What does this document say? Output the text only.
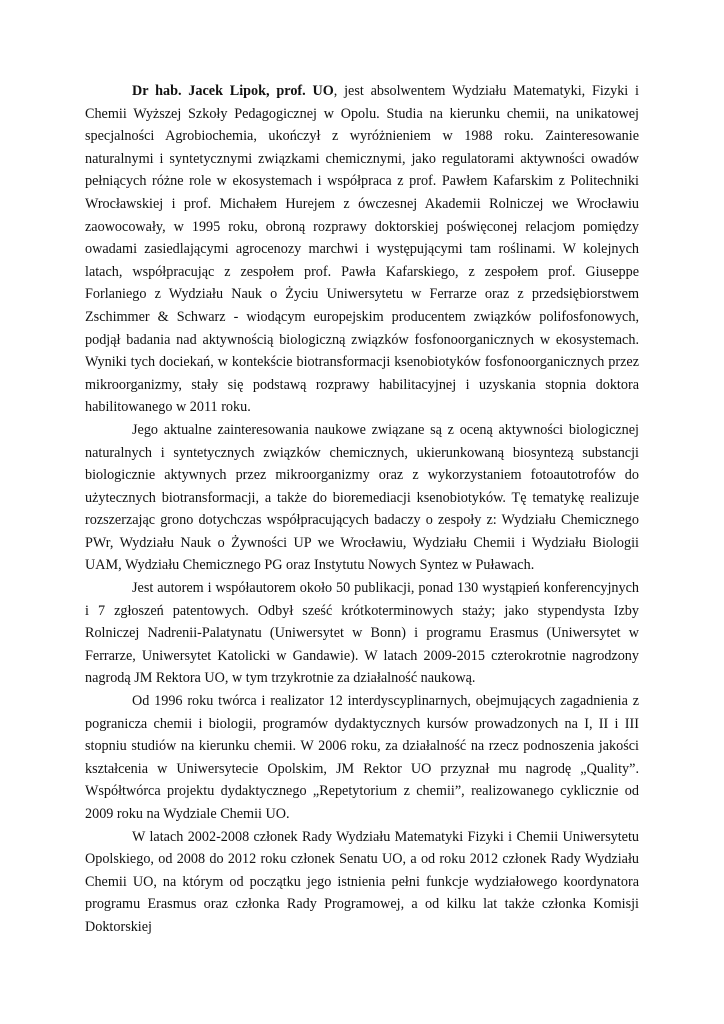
Dr hab. Jacek Lipok, prof. UO, jest absolwentem Wydziału Matematyki, Fizyki i Chemii Wyższej Szkoły Pedagogicznej w Opolu. Studia na kierunku chemii, na unikatowej specjalności Agrobiochemia, ukończył z wyróżnieniem w 1988 roku. Zainteresowanie naturalnymi i syntetycznymi związkami chemicznymi, jako regulatorami aktywności owadów pełniących różne role w ekosystemach i współpraca z prof. Pawłem Kafarskim z Politechniki Wrocławskiej i prof. Michałem Hurejem z ówczesnej Akademii Rolniczej we Wrocławiu zaowocowały, w 1995 roku, obroną rozprawy doktorskiej poświęconej relacjom pomiędzy owadami zasiedlającymi agrocenozy marchwi i występującymi tam roślinami. W kolejnych latach, współpracując z zespołem prof. Pawła Kafarskiego, z zespołem prof. Giuseppe Forlaniego z Wydziału Nauk o Życiu Uniwersytetu w Ferrarze oraz z przedsiębiorstwem Zschimmer & Schwarz - wiodącym europejskim producentem związków polifosfonowych, podjął badania nad aktywnością biologiczną związków fosfonoorganicznych w ekosystemach. Wyniki tych dociekań, w kontekście biotransformacji ksenobiotyków fosfonoorganicznych przez mikroorganizmy, stały się podstawą rozprawy habilitacyjnej i uzyskania stopnia doktora habilitowanego w 2011 roku.

Jego aktualne zainteresowania naukowe związane są z oceną aktywności biologicznej naturalnych i syntetycznych związków chemicznych, ukierunkowaną biosyntezą substancji biologicznie aktywnych przez mikroorganizmy oraz z wykorzystaniem fotoautotrofów do użytecznych biotransformacji, a także do bioremediacji ksenobiotyków. Tę tematykę realizuje rozszerzając grono dotychczas współpracujących badaczy o zespoły z: Wydziału Chemicznego PWr, Wydziału Nauk o Żywności UP we Wrocławiu, Wydziału Chemii i Wydziału Biologii UAM, Wydziału Chemicznego PG oraz Instytutu Nowych Syntez w Puławach.

Jest autorem i współautorem około 50 publikacji, ponad 130 wystąpień konferencyjnych i 7 zgłoszeń patentowych. Odbył sześć krótkoterminowych staży; jako stypendysta Izby Rolniczej Nadrenii-Palatynatu (Uniwersytet w Bonn) i programu Erasmus (Uniwersytet w Ferrarze, Uniwersytet Katolicki w Gandawie). W latach 2009-2015 czterokrotnie nagrodzony nagrodą JM Rektora UO, w tym trzykrotnie za działalność naukową.

Od 1996 roku twórca i realizator 12 interdyscyplinarnych, obejmujących zagadnienia z pogranicza chemii i biologii, programów dydaktycznych kursów prowadzonych na I, II i III stopniu studiów na kierunku chemii. W 2006 roku, za działalność na rzecz podnoszenia jakości kształcenia w Uniwersytecie Opolskim, JM Rektor UO przyznał mu nagrodę „Quality”. Współtwórca projektu dydaktycznego „Repetytorium z chemii”, realizowanego cyklicznie od 2009 roku na Wydziale Chemii UO.

W latach 2002-2008 członek Rady Wydziału Matematyki Fizyki i Chemii Uniwersytetu Opolskiego, od 2008 do 2012 roku członek Senatu UO, a od roku 2012 członek Rady Wydziału Chemii UO, na którym od początku jego istnienia pełni funkcje wydziałowego koordynatora programu Erasmus oraz członka Rady Programowej, a od kilku lat także członka Komisji Doktorskiej
